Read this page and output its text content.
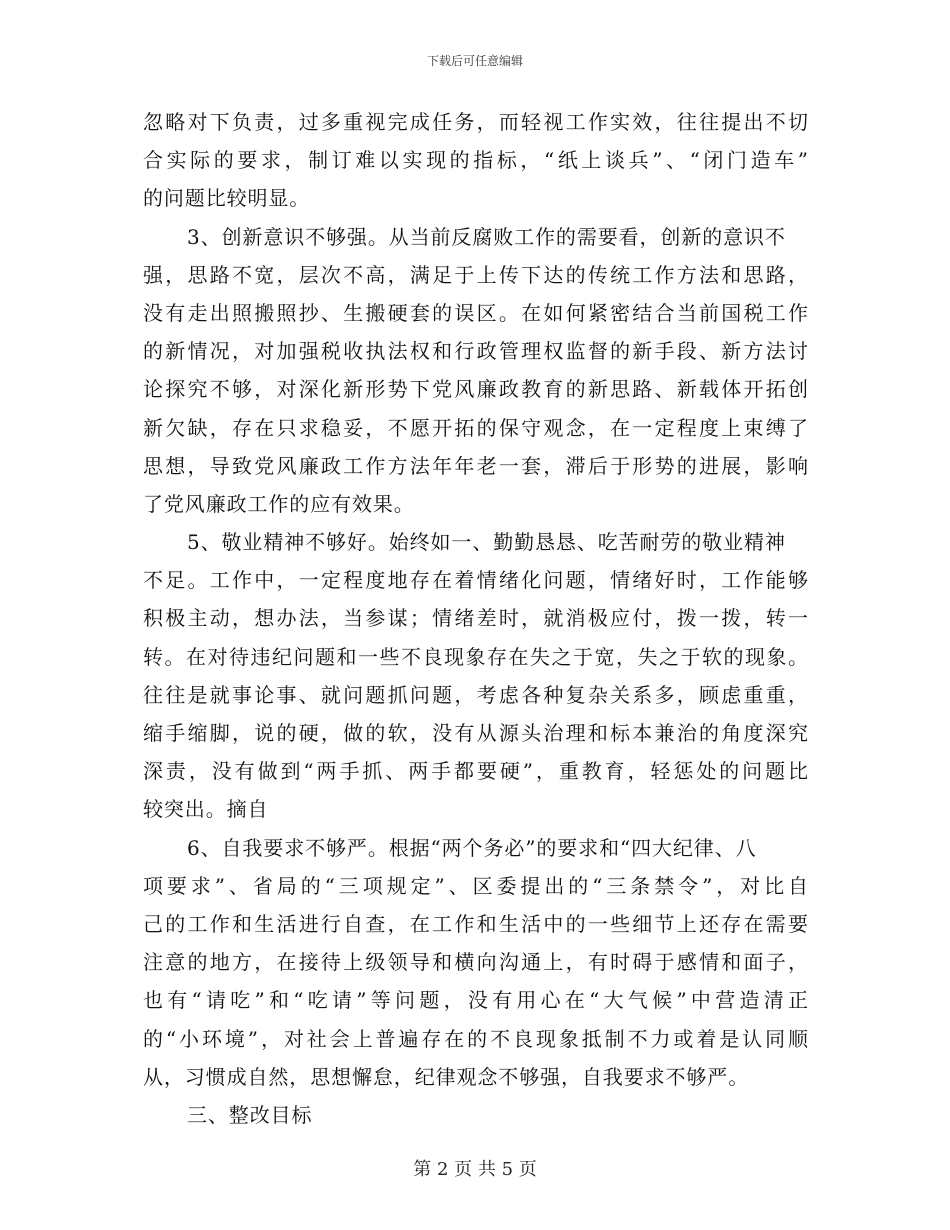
下载后可任意编辑
忽略对下负责，过多重视完成任务，而轻视工作实效，往往提出不切
合实际的要求，制订难以实现的指标，“纸上谈兵”、“闭门造车”
的问题比较明显。
3、创新意识不够强。从当前反腐败工作的需要看，创新的意识不
强，思路不宽，层次不高，满足于上传下达的传统工作方法和思路，
没有走出照搬照抄、生搬硬套的误区。在如何紧密结合当前国税工作
的新情况，对加强税收执法权和行政管理权监督的新手段、新方法讨
论探究不够，对深化新形势下党风廉政教育的新思路、新载体开拓创
新欠缺，存在只求稳妥，不愿开拓的保守观念，在一定程度上束缚了
思想，导致党风廉政工作方法年年老一套，滞后于形势的进展，影响
了党风廉政工作的应有效果。
5、敬业精神不够好。始终如一、勤勤恳恳、吃苦耐劳的敬业精神
不足。工作中，一定程度地存在着情绪化问题，情绪好时，工作能够
积极主动，想办法，当参谋；情绪差时，就消极应付，拨一拨，转一
转。在对待违纪问题和一些不良现象存在失之于宽，失之于软的现象。
往往是就事论事、就问题抓问题，考虑各种复杂关系多，顾虑重重，
缩手缩脚，说的硬，做的软，没有从源头治理和标本兼治的角度深究
深责，没有做到“两手抓、两手都要硬”，重教育，轻惩处的问题比
较突出。摘自
6、自我要求不够严。根据“两个务必”的要求和“四大纪律、八
项要求”、省局的“三项规定”、区委提出的“三条禁令”，对比自
己的工作和生活进行自查，在工作和生活中的一些细节上还存在需要
注意的地方，在接待上级领导和横向沟通上，有时碍于感情和面子，
也有“请吃”和“吃请”等问题，没有用心在“大气候”中营造清正
的“小环境”，对社会上普遍存在的不良现象抵制不力或着是认同顺
从，习惯成自然，思想懈怠，纪律观念不够强，自我要求不够严。
三、整改目标
第 2 页 共 5 页
